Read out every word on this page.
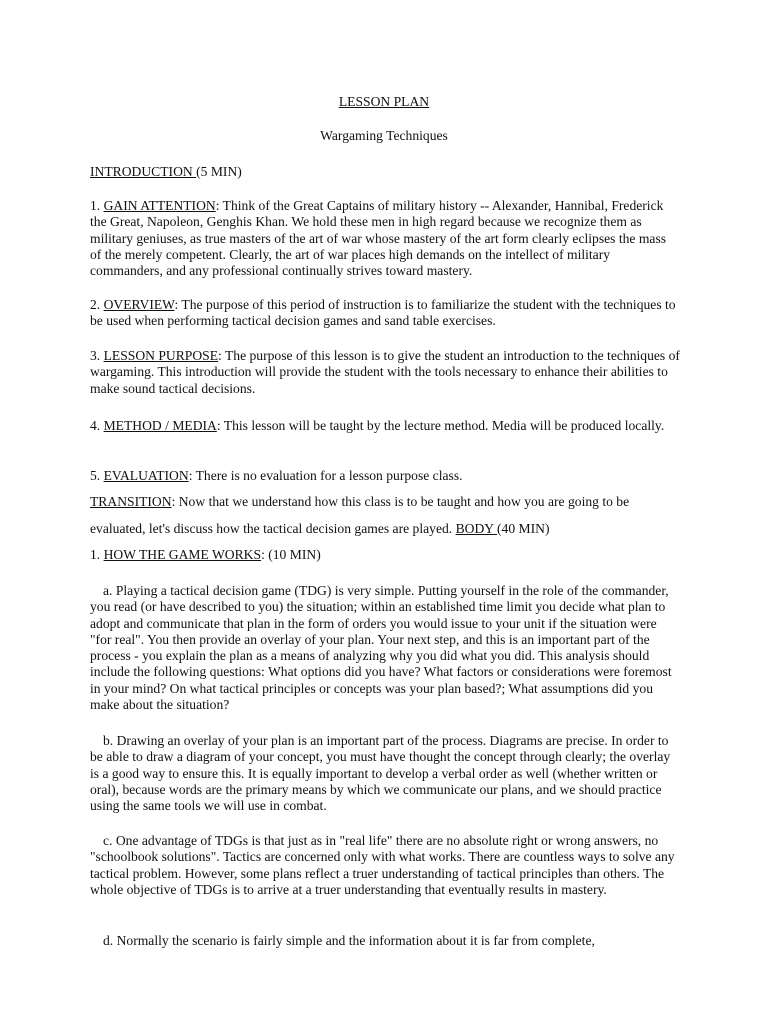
LESSON PLAN
Wargaming Techniques

INTRODUCTION (5 MIN)

1. GAIN ATTENTION: Think of the Great Captains of military history -- Alexander, Hannibal, Frederick the Great, Napoleon, Genghis Khan. We hold these men in high regard because we recognize them as military geniuses, as true masters of the art of war whose mastery of the art form clearly eclipses the mass of the merely competent. Clearly, the art of war places high demands on the intellect of military commanders, and any professional continually strives toward mastery.

2. OVERVIEW: The purpose of this period of instruction is to familiarize the student with the techniques to be used when performing tactical decision games and sand table exercises.

3. LESSON PURPOSE: The purpose of this lesson is to give the student an introduction to the techniques of wargaming. This introduction will provide the student with the tools necessary to enhance their abilities to make sound tactical decisions.

4. METHOD / MEDIA: This lesson will be taught by the lecture method. Media will be produced locally.

5. EVALUATION: There is no evaluation for a lesson purpose class.

TRANSITION: Now that we understand how this class is to be taught and how you are going to be

evaluated, let's discuss how the tactical decision games are played. BODY (40 MIN)

1. HOW THE GAME WORKS: (10 MIN)

a. Playing a tactical decision game (TDG) is very simple. Putting yourself in the role of the commander, you read (or have described to you) the situation; within an established time limit you decide what plan to adopt and communicate that plan in the form of orders you would issue to your unit if the situation were "for real". You then provide an overlay of your plan. Your next step, and this is an important part of the process - you explain the plan as a means of analyzing why you did what you did. This analysis should include the following questions: What options did you have? What factors or considerations were foremost in your mind? On what tactical principles or concepts was your plan based?; What assumptions did you make about the situation?

b. Drawing an overlay of your plan is an important part of the process. Diagrams are precise. In order to be able to draw a diagram of your concept, you must have thought the concept through clearly; the overlay is a good way to ensure this. It is equally important to develop a verbal order as well (whether written or oral), because words are the primary means by which we communicate our plans, and we should practice using the same tools we will use in combat.

c. One advantage of TDGs is that just as in "real life" there are no absolute right or wrong answers, no "schoolbook solutions". Tactics are concerned only with what works. There are countless ways to solve any tactical problem. However, some plans reflect a truer understanding of tactical principles than others. The whole objective of TDGs is to arrive at a truer understanding that eventually results in mastery.

d. Normally the scenario is fairly simple and the information about it is far from complete,
